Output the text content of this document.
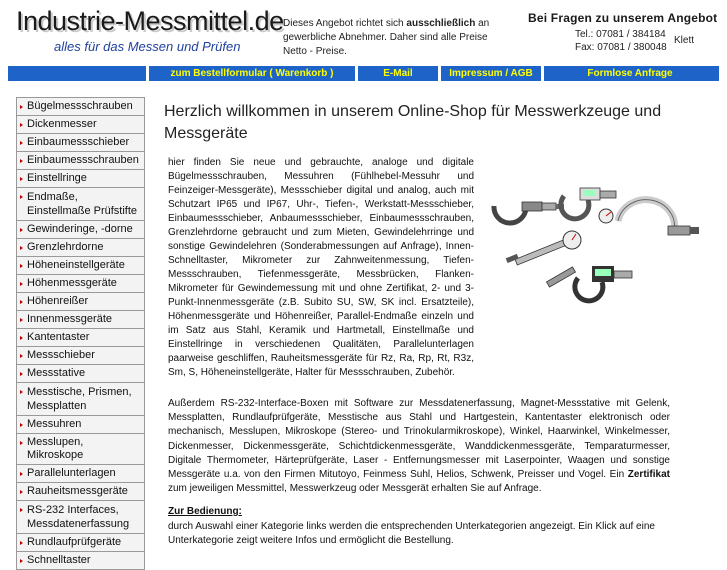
Industrie-Messmittel.de
alles für das Messen und Prüfen
Dieses Angebot richtet sich ausschließlich an gewerbliche Abnehmer. Daher sind alle Preise Netto - Preise.
Bei Fragen zu unserem Angebot
Tel.: 07081 / 384184
Fax: 07081 / 380048
Klett
zum Bestellformular ( Warenkorb )	E-Mail	Impressum / AGB	Formlose Anfrage
Bügelmessschrauben
Dickenmesser
Einbaumessschieber
Einbaumessschrauben
Einstellringe
Endmaße, Einstellmaße Prüfstifte
Gewinderinge, -dorne
Grenzlehrdorne
Höheneinstellgeräte
Höhenmessgeräte
Höhenreißer
Innenmessgeräte
Kantentaster
Messschieber
Messstative
Messtische, Prismen, Messplatten
Messuhren
Messlupen, Mikroskope
Parallelunterlagen
Rauheitsmessgeräte
RS-232 Interfaces, Messdatenerfassung
Rundlaufprüfgeräte
Schnelltaster
Herzlich willkommen in unserem Online-Shop für Messwerkzeuge und Messgeräte

hier finden Sie neue und gebrauchte, analoge und digitale Bügelmessschrauben, Messuhren (Fühlhebel-Messuhr und Feinzeiger-Messgeräte), Messschieber digital und analog, auch mit Schutzart IP65 und IP67, Uhr-, Tiefen-, Werkstatt-Messschieber, Einbaumessschieber, Anbaumessschieber, Einbaumessschrauben, Grenzlehrdorne gebraucht und zum Mieten, Gewindelehrringe und sonstige Gewindelehren (Sonderabmessungen auf Anfrage), Innen-Schnelltaster, Mikrometer zur Zahnweitenmessung, Tiefen-Messschrauben, Tiefenmessgeräte, Messbrücken, Flanken-Mikrometer für Gewindemessung mit und ohne Zertifikat, 2- und 3-Punkt-Innenmessgeräte (z.B. Subito SU, SW, SK incl. Ersatzteile), Höhenmessgeräte und Höhenreißer, Parallel-Endmaße einzeln und im Satz aus Stahl, Keramik und Hartmetall, Einstellmaße und Einstellringe in verschiedenen Qualitäten, Parallelunterlagen paarweise geschliffen, Rauheitsmessgeräte für Rz, Ra, Rp, Rt, R3z, Sm, S, Höheneinstellgeräte, Halter für Messschrauben, Zubehör.

Außerdem RS-232-Interface-Boxen mit Software zur Messdatenerfassung, Magnet-Messstative mit Gelenk, Messplatten, Rundlaufprüfgeräte, Messtische aus Stahl und Hartgestein, Kantentaster elektronisch oder mechanisch, Messlupen, Mikroskope (Stereo- und Trinokularmikroskope), Winkel, Haarwinkel, Winkelmesser, Dickenmesser, Dickenmessgeräte, Schichtdickenmessgeräte, Wanddickenmessgeräte, Temparaturmesser, Digitale Thermometer, Härteprüfgeräte, Laser - Entfernungsmesser mit Laserpointer, Waagen und sonstige Messgeräte u.a. von den Firmen Mitutoyo, Feinmess Suhl, Helios, Schwenk, Preisser und Vogel. Ein Zertifikat zum jeweiligen Messmittel, Messwerkzeug oder Messgerät erhalten Sie auf Anfrage.

Zur Bedienung:

durch Auswahl einer Kategorie links werden die entsprechenden Unterkategorien angezeigt. Ein Klick auf eine Unterkategorie zeigt weitere Infos und ermöglicht die Bestellung.
